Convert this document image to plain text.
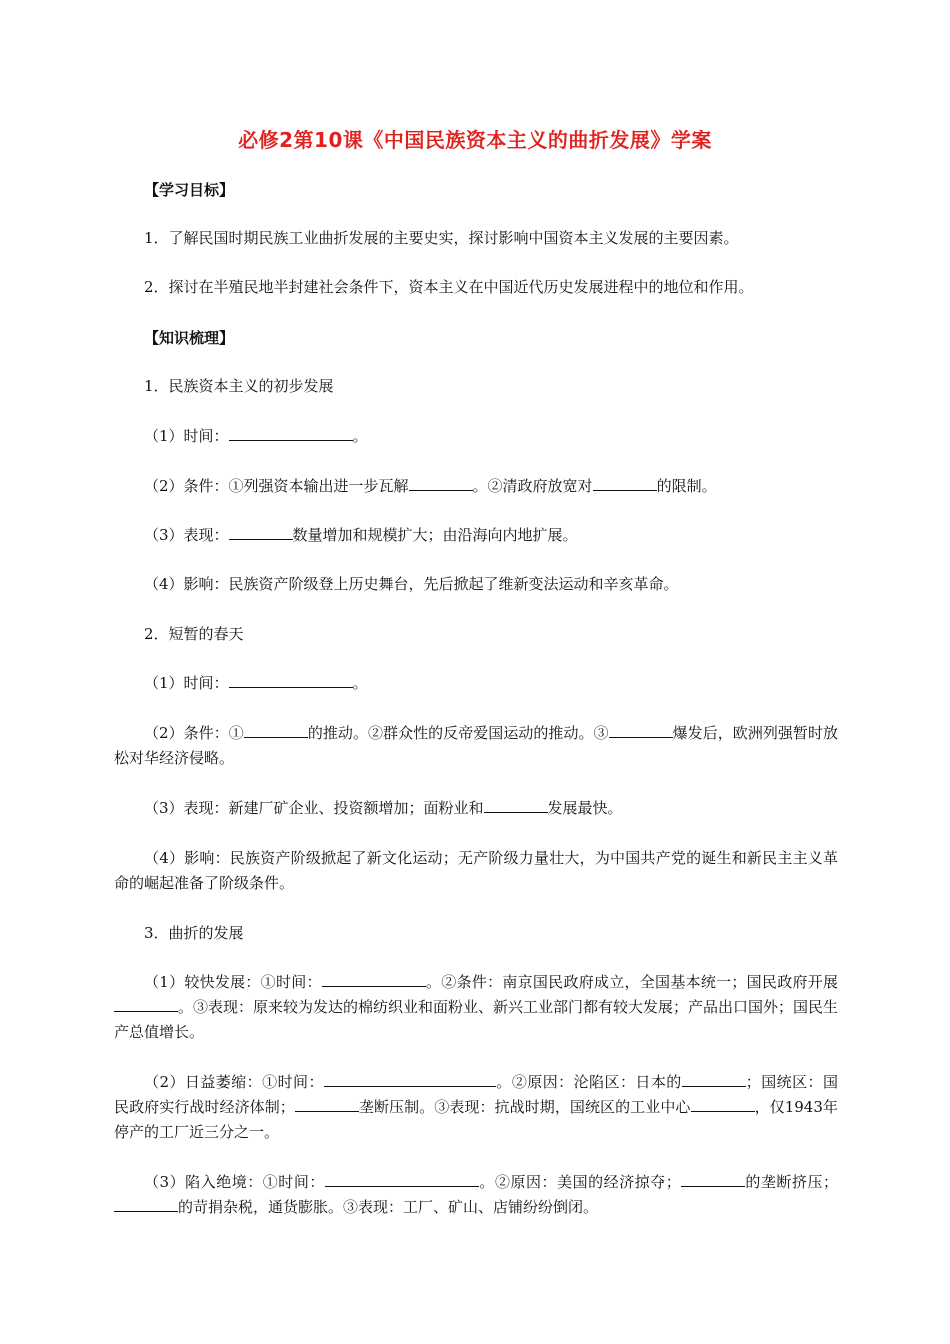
必修2第10课《中国民族资本主义的曲折发展》学案
【学习目标】
1．了解民国时期民族工业曲折发展的主要史实，探讨影响中国资本主义发展的主要因素。
2．探讨在半殖民地半封建社会条件下，资本主义在中国近代历史发展进程中的地位和作用。
【知识梳理】
1．民族资本主义的初步发展
（1）时间：	。
（2）条件：①列强资本输出进一步瓦解	。②清政府放宽对	的限制。
（3）表现：	数量增加和规模扩大；由沿海向内地扩展。
（4）影响：民族资产阶级登上历史舞台，先后掀起了维新变法运动和辛亥革命。
2．短暂的春天
（1）时间：	。
（2）条件：①	的推动。②群众性的反帝爱国运动的推动。③	爆发后，欧洲列强暂时放松对华经济侵略。
（3）表现：新建厂矿企业、投资额增加；面粉业和	发展最快。
（4）影响：民族资产阶级掀起了新文化运动；无产阶级力量壮大，为中国共产党的诞生和新民主主义革命的崛起准备了阶级条件。
3．曲折的发展
（1）较快发展：①时间：	。②条件：南京国民政府成立，全国基本统一；国民政府开展。③表现：原来较为发达的棉纺织业和面粉业、新兴工业部门都有较大发展；产品出口国外；国民生产总值增长。
（2）日益萎缩：①时间：	。②原因：沦陷区：日本的	；国统区：国民政府实行战时经济体制；	垄断压制。③表现：抗战时期，国统区的工业中心	，仅1943年停产的工厂近三分之一。
（3）陷入绝境：①时间：	。②原因：美国的经济掠夺；	的垄断挤压；的苛捐杂税，通货膨胀。③表现：工厂、矿山、店铺纷纷倒闭。
